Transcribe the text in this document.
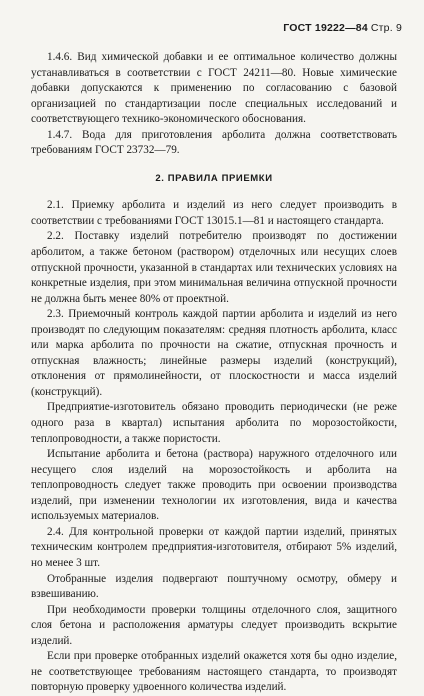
ГОСТ 19222—84 Стр. 9

1.4.6. Вид химической добавки и ее оптимальное количество должны устанавливаться в соответствии с ГОСТ 24211—80. Новые химические добавки допускаются к применению по согласованию с базовой организацией по стандартизации после специальных исследований и соответствующего технико-экономического обоснования.

1.4.7. Вода для приготовления арболита должна соответствовать требованиям ГОСТ 23732—79.

2. ПРАВИЛА ПРИЕМКИ

2.1. Приемку арболита и изделий из него следует производить в соответствии с требованиями ГОСТ 13015.1—81 и настоящего стандарта.

2.2. Поставку изделий потребителю производят по достижении арболитом, а также бетоном (раствором) отделочных или несущих слоев отпускной прочности, указанной в стандартах или технических условиях на конкретные изделия, при этом минимальная величина отпускной прочности не должна быть менее 80% от проектной.

2.3. Приемочный контроль каждой партии арболита и изделий из него производят по следующим показателям: средняя плотность арболита, класс или марка арболита по прочности на сжатие, отпускная прочность и отпускная влажность; линейные размеры изделий (конструкций), отклонения от прямолинейности, от плоскостности и масса изделий (конструкций).

Предприятие-изготовитель обязано проводить периодически (не реже одного раза в квартал) испытания арболита по морозостойкости, теплопроводности, а также пористости.

Испытание арболита и бетона (раствора) наружного отделочного или несущего слоя изделий на морозостойкость и арболита на теплопроводность следует также проводить при освоении производства изделий, при изменении технологии их изготовления, вида и качества используемых материалов.

2.4. Для контрольной проверки от каждой партии изделий, принятых техническим контролем предприятия-изготовителя, отбирают 5% изделий, но менее 3 шт.

Отобранные изделия подвергают поштучному осмотру, обмеру и взвешиванию.

При необходимости проверки толщины отделочного слоя, защитного слоя бетона и расположения арматуры следует производить вскрытие изделий.

Если при проверке отобранных изделий окажется хотя бы одно изделие, не соответствующее требованиям настоящего стандарта, то производят повторную проверку удвоенного количества изделий.
